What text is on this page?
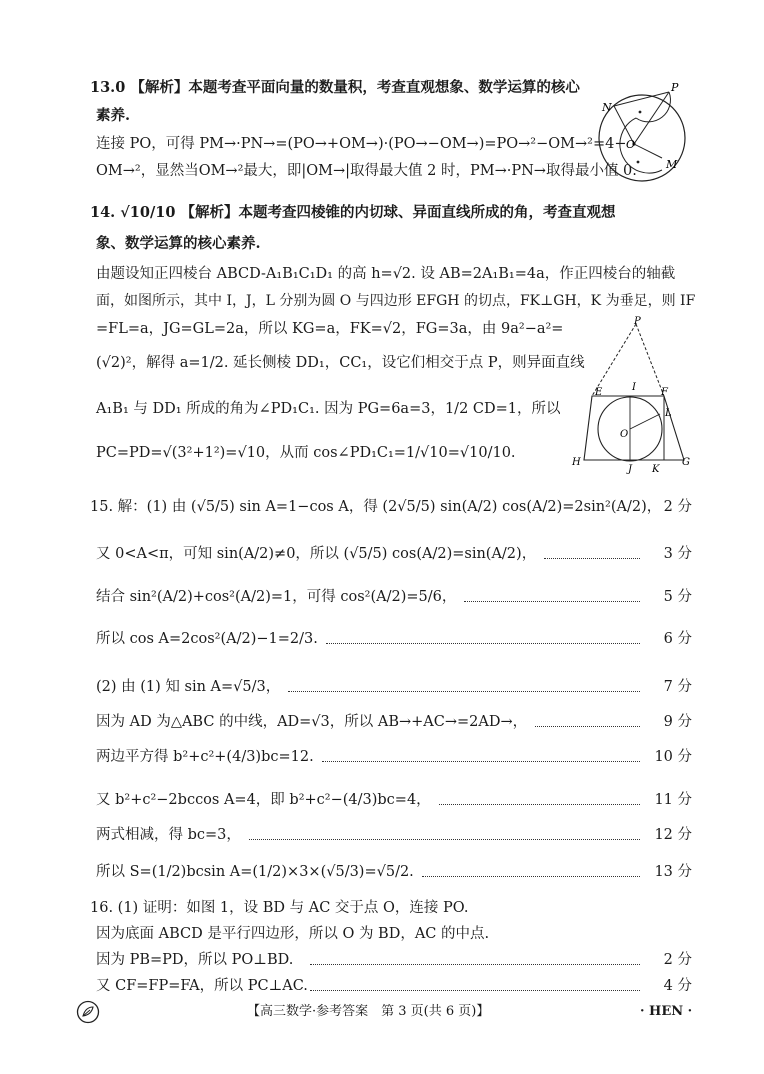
13.0 【解析】本题考查平面向量的数量积，考查直观想象、数学运算的核心
素养.
连接 PO，可得 PM→·PN→=(PO→+OM→)·(PO→−OM→)=PO→²−OM→²=4−
OM→²，显然当OM→²最大，即|OM→|取得最大值 2 时，PM→·PN→取得最小值 0.
P
N
O
M
14. √10/10 【解析】本题考查四棱锥的内切球、异面直线所成的角，考查直观想
象、数学运算的核心素养.
由题设知正四棱台 ABCD-A₁B₁C₁D₁ 的高 h=√2. 设 AB=2A₁B₁=4a，作正四棱台的轴截
面，如图所示，其中 I，J，L 分别为圆 O 与四边形 EFGH 的切点，FK⊥GH，K 为垂足，则 IF
=FL=a，JG=GL=2a，所以 KG=a，FK=√2，FG=3a，由 9a²−a²=
(√2)²，解得 a=1/2. 延长侧棱 DD₁，CC₁，设它们相交于点 P，则异面直线
A₁B₁ 与 DD₁ 所成的角为∠PD₁C₁. 因为 PG=6a=3，1/2 CD=1，所以
PC=PD=√(3²+1²)=√10，从而 cos∠PD₁C₁=1/√10=√10/10.
P
E	I	F
L
O
H
J K
G
15. 解：(1) 由 (√5/5) sin A=1−cos A，得 (2√5/5) sin(A/2) cos(A/2)=2sin²(A/2)， 2 分
又 0<A<π，可知 sin(A/2)≠0，所以 (√5/5) cos(A/2)=sin(A/2)，	3 分
结合 sin²(A/2)+cos²(A/2)=1，可得 cos²(A/2)=5/6，	5 分
所以 cos A=2cos²(A/2)−1=2/3.	6 分
(2) 由 (1) 知 sin A=√5/3，	7 分
因为 AD 为△ABC 的中线，AD=√3，所以 AB→+AC→=2AD→，	9 分
两边平方得 b²+c²+(4/3)bc=12.	10 分
又 b²+c²−2bccos A=4，即 b²+c²−(4/3)bc=4，	11 分
两式相减，得 bc=3，	12 分
所以 S=(1/2)bcsin A=(1/2)×3×(√5/3)=√5/2.	13 分
16. (1) 证明：如图 1，设 BD 与 AC 交于点 O，连接 PO.
因为底面 ABCD 是平行四边形，所以 O 为 BD，AC 的中点.
因为 PB=PD，所以 PO⊥BD.	2 分
又 CF=FP=FA，所以 PC⊥AC.	4 分
【高三数学·参考答案　第 3 页(共 6 页)】	· HEN ·
